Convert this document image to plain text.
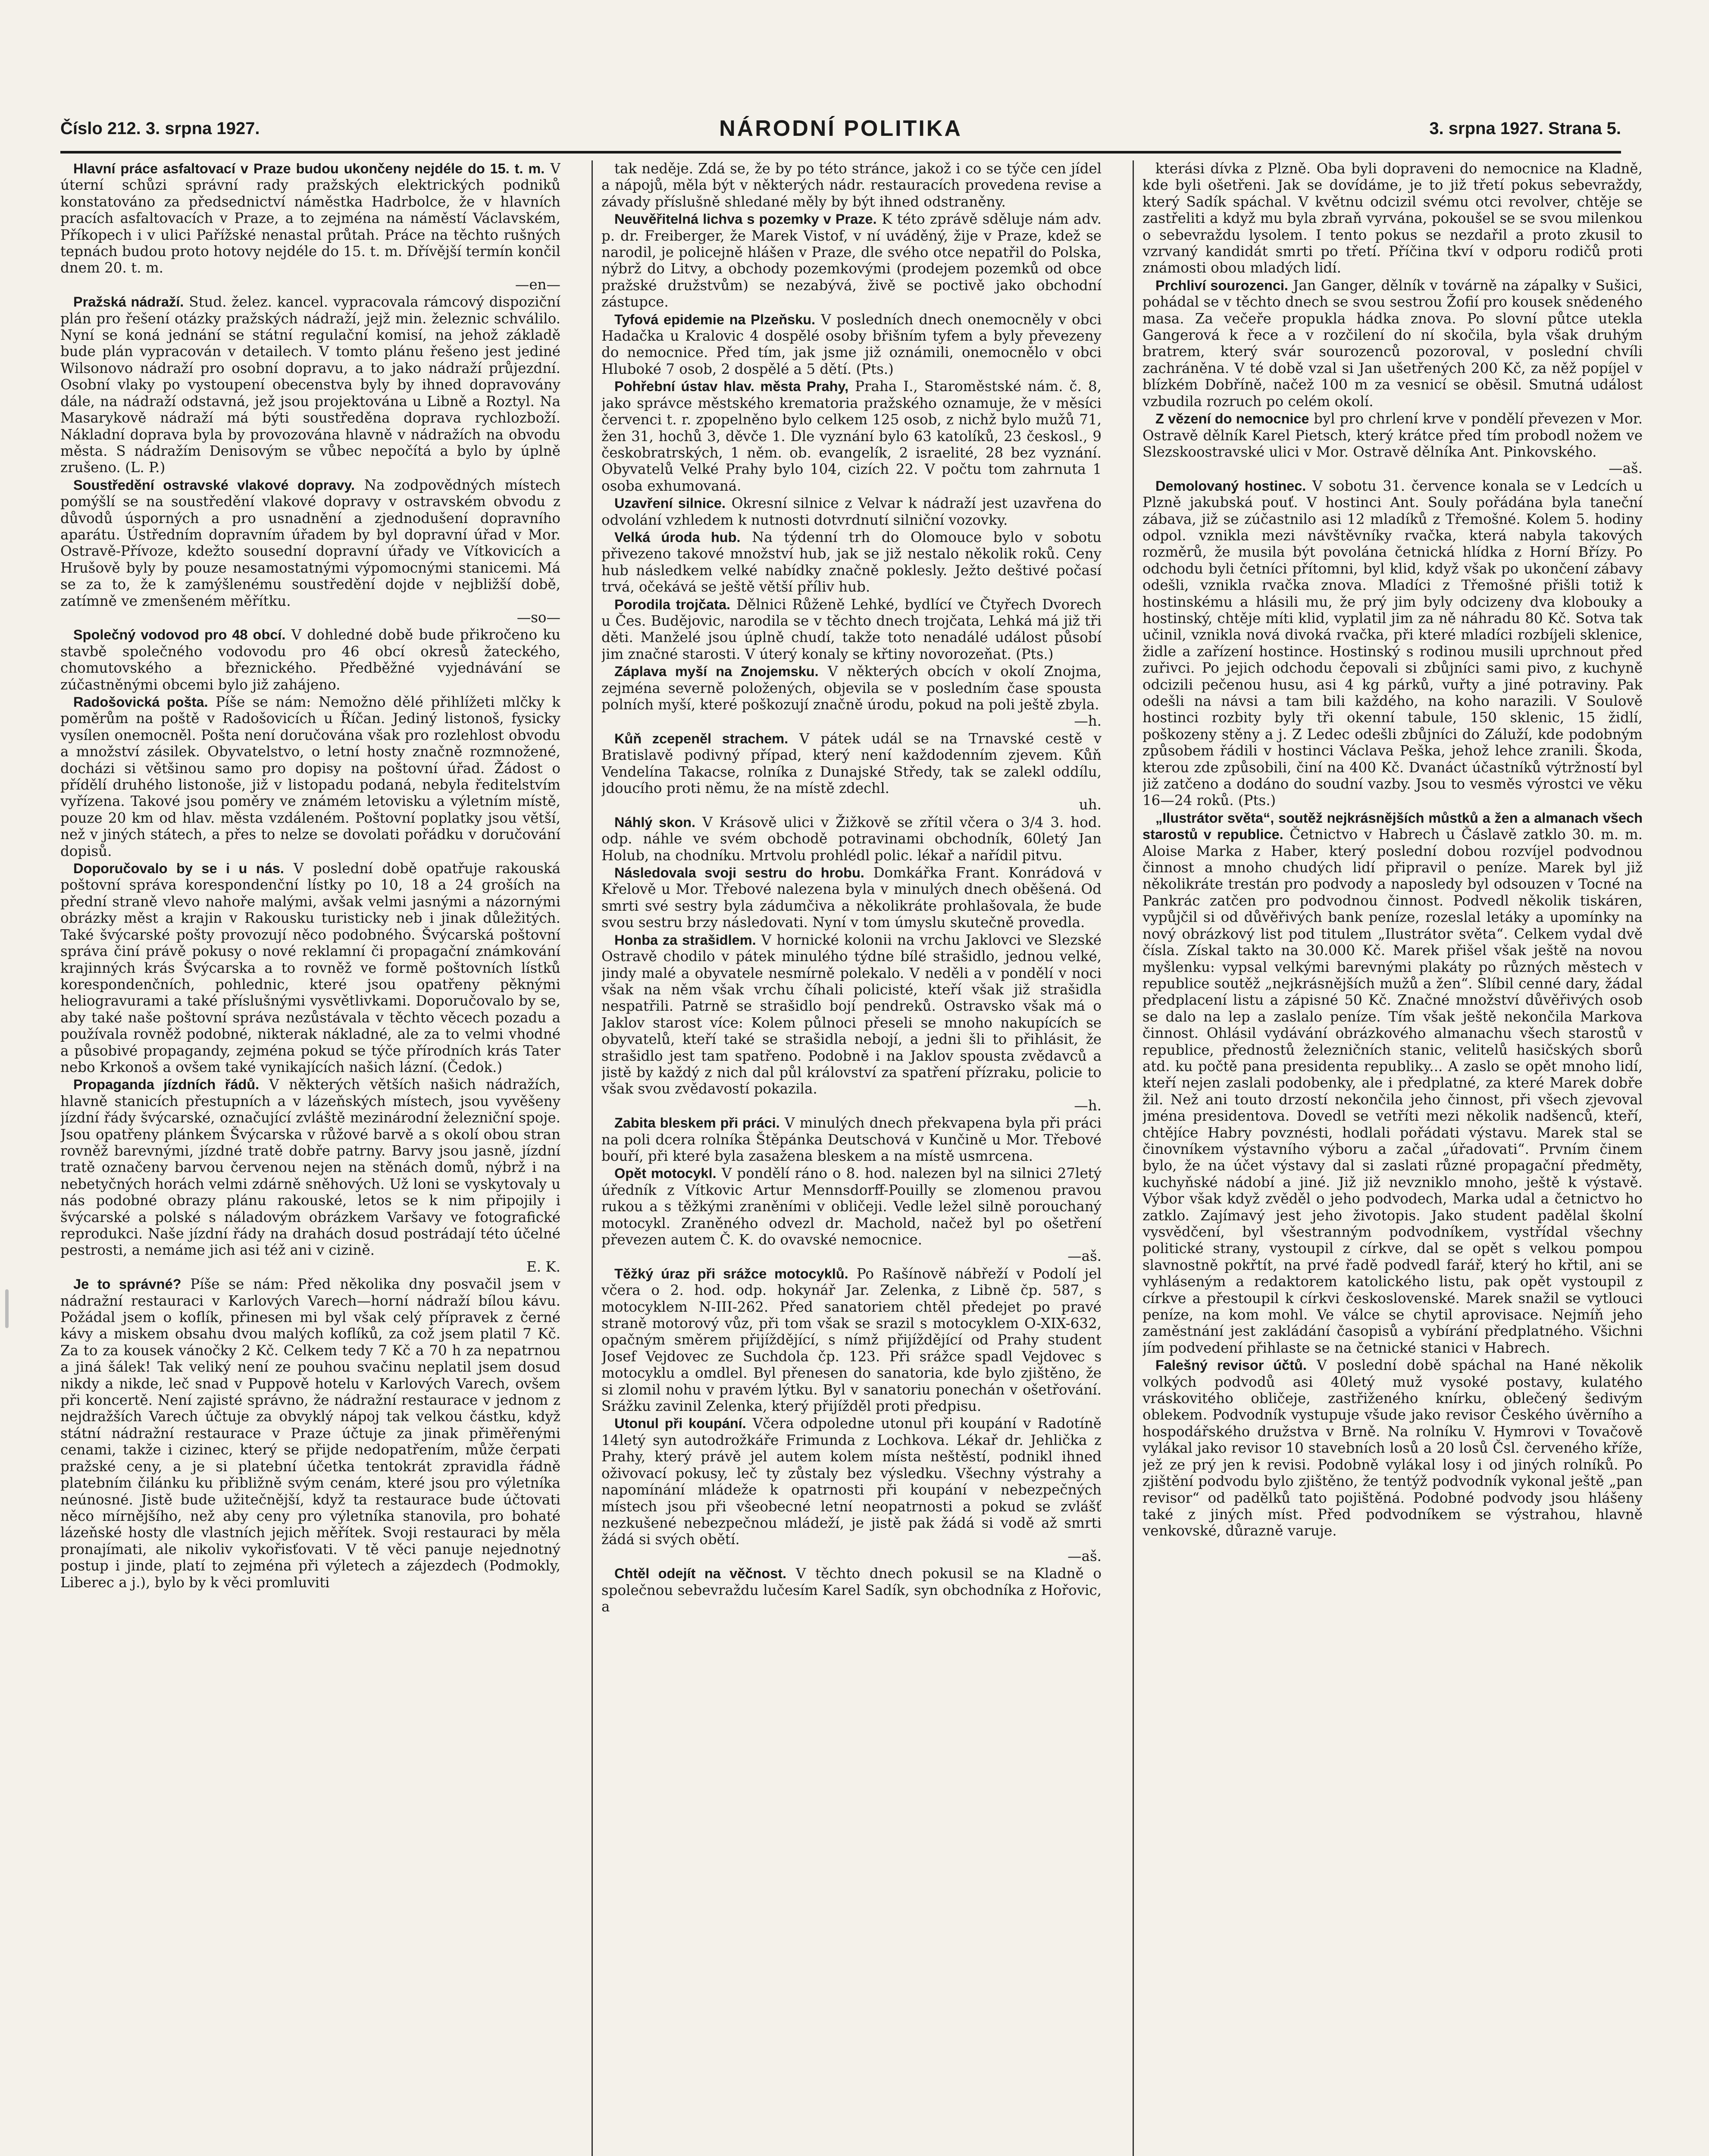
Číslo 212. 3. srpna 1927.	NÁRODNÍ POLITIKA	3. srpna 1927. Strana 5.

Hlavní práce asfaltovací v Praze budou ukončeny nejdéle do 15. t. m. V úterní schůzi správní rady pražských elektrických podniků konstatováno za předsednictví náměstka Hadrbolce, že v hlavních pracích asfaltovacích v Praze, a to zejména na náměstí Václavském, Příkopech i v ulici Pařížské nenastal průtah. Práce na těchto rušných tepnách budou proto hotovy nejdéle do 15. t. m. Dřívější termín končil dnem 20. t. m.
—en—

Pražská nádraží. Stud. želez. kancel. vypracovala rámcový dispoziční plán pro řešení otázky pražských nádraží, jejž min. železnic schválilo. Nyní se koná jednání se státní regulační komisí, na jehož základě bude plán vypracován v detailech. V tomto plánu řešeno jest jediné Wilsonovo nádraží pro osobní dopravu, a to jako nádraží průjezdní. Osobní vlaky po vystoupení obecenstva byly by ihned dopravovány dále, na nádraží odstavná, jež jsou projektována u Libně a Roztyl. Na Masarykově nádraží má býti soustředěna doprava rychlozboží. Nákladní doprava byla by provozována hlavně v nádražích na obvodu města. S nádražím Denisovým se vůbec nepočítá a bylo by úplně zrušeno. (L. P.)

Soustředění ostravské vlakové dopravy. Na zodpovědných místech pomýšlí se na soustředění vlakové dopravy v ostravském obvodu z důvodů úsporných a pro usnadnění a zjednodušení dopravního aparátu. Ústředním dopravním úřadem by byl dopravní úřad v Mor. Ostravě-Přívoze, kdežto sousední dopravní úřady ve Vítkovicích a Hrušově byly by pouze nesamostatnými výpomocnými stanicemi. Má se za to, že k zamýšlenému soustředění dojde v nejbližší době, zatímně ve zmenšeném měřítku.
—so—

Společný vodovod pro 48 obcí. V dohledné době bude přikročeno ku stavbě společného vodovodu pro 46 obcí okresů žateckého, chomutovského a březnického. Předběžné vyjednávání se zúčastněnými obcemi bylo již zahájeno.

Radošovická pošta. Píše se nám: Nemožno dělé přihlížeti mlčky k poměrům na poště v Radošovicích u Říčan. Jediný listonoš, fysicky vysílen onemocněl. Pošta není doručována však pro rozlehlost obvodu a množství zásilek. Obyvatelstvo, o letní hosty značně rozmnožené, docházi si většinou samo pro dopisy na poštovní úřad. Žádost o přídělí druhého listonoše, již v listopadu podaná, nebyla ředitelstvím vyřízena. Takové jsou poměry ve známém letovisku a výletním místě, pouze 20 km od hlav. města vzdáleném. Poštovní poplatky jsou větší, než v jiných státech, a přes to nelze se dovolati pořádku v doručování dopisů.

Doporučovalo by se i u nás. V poslední době opatřuje rakouská poštovní správa korespondenční lístky po 10, 18 a 24 groších na přední straně vlevo nahoře malými, avšak velmi jasnými a názornými obrázky měst a krajin v Rakousku turisticky neb i jinak důležitých. Také švýcarské pošty provozují něco podobného. Švýcarská poštovní správa činí právě pokusy o nové reklamní či propagační známkování krajinných krás Švýcarska a to rovněž ve formě poštovních lístků korespondenčních, pohlednic, které jsou opatřeny pěknými heliogravurami a také příslušnými vysvětlivkami. Doporučovalo by se, aby také naše poštovní správa nezůstávala v těchto věcech pozadu a používala rovněž podobné, nikterak nákladné, ale za to velmi vhodné a působivé propagandy, zejména pokud se týče přírodních krás Tater nebo Krkonoš a ovšem také vynikajících našich lázní. (Čedok.)

Propaganda jízdních řádů. V některých větších našich nádražích, hlavně stanicích přestupních a v lázeňských místech, jsou vyvěšeny jízdní řády švýcarské, označující zvláště mezinárodní železniční spoje. Jsou opatřeny plánkem Švýcarska v růžové barvě a s okolí obou stran rovněž barevnými, jízdné tratě dobře patrny. Barvy jsou jasně, jízdní tratě označeny barvou červenou nejen na stěnách domů, nýbrž i na nebetyčných horách velmi zdárně sněhových. Už loni se vyskytovaly u nás podobné obrazy plánu rakouské, letos se k nim připojily i švýcarské a polské s náladovým obrázkem Varšavy ve fotografické reprodukci. Naše jízdní řády na drahách dosud postrádají této účelné pestrosti, a nemáme jich asi též ani v cizině.
E. K.

Je to správné? Píše se nám: Před několika dny posvačil jsem v nádražní restauraci v Karlových Varech—horní nádraží bílou kávu. Požádal jsem o koflík, přinesen mi byl však celý přípravek z černé kávy a miskem obsahu dvou malých koflíků, za což jsem platil 7 Kč. Za to za kousek vánočky 2 Kč. Celkem tedy 7 Kč a 70 h za nepatrnou a jiná šálek! Tak veliký není ze pouhou svačinu neplatil jsem dosud nikdy a nikde, leč snad v Puppově hotelu v Karlových Varech, ovšem při koncertě. Není zajisté správno, že nádražní restaurace v jednom z nejdražších Varech účtuje za obvyklý nápoj tak velkou částku, když státní nádražní restaurace v Praze účtuje za jinak přiměřenými cenami, takže i cizinec, který se přijde nedopatřením, může čerpati pražské ceny, a je si platební účetka tentokrát zpravidla řádně platebním čilánku ku přibližně svým cenám, které jsou pro výletníka neúnosné. Jistě bude užitečnější, když ta restaurace bude účtovati něco mírnějšího, než aby ceny pro výletníka stanovila, pro bohaté lázeňské hosty dle vlastních jejich měřítek. Svoji restauraci by měla pronajímati, ale nikoliv vykořisťovati. V tě věci panuje nejednotný postup i jinde, platí to zejména při výletech a zájezdech (Podmokly, Liberec a j.), bylo by k věci promluviti

tak neděje. Zdá se, že by po této stránce, jakož i co se týče cen jídel a nápojů, měla být v některých nádr. restauracích provedena revise a závady příslušně shledané měly by být ihned odstraněny.

Neuvěřitelná lichva s pozemky v Praze. K této zprávě sděluje nám adv. p. dr. Freiberger, že Marek Vistof, v ní uváděný, žije v Praze, kdež se narodil, je policejně hlášen v Praze, dle svého otce nepatřil do Polska, nýbrž do Litvy, a obchody pozemkovými (prodejem pozemků od obce pražské družstvům) se nezabývá, živě se poctivě jako obchodní zástupce.

Tyfová epidemie na Plzeňsku. V posledních dnech onemocněly v obci Hadačka u Kralovic 4 dospělé osoby břišním tyfem a byly převezeny do nemocnice. Před tím, jak jsme již oznámili, onemocnělo v obci Hluboké 7 osob, 2 dospělé a 5 dětí. (Pts.)

Pohřební ústav hlav. města Prahy, Praha I., Staroměstské nám. č. 8, jako správce městského krematoria pražského oznamuje, že v měsíci červenci t. r. zpopelněno bylo celkem 125 osob, z nichž bylo mužů 71, žen 31, hochů 3, děvče 1. Dle vyznání bylo 63 katolíků, 23 českosl., 9 českobratrských, 1 něm. ob. evangelík, 2 israelité, 28 bez vyznání. Obyvatelů Velké Prahy bylo 104, cizích 22. V počtu tom zahrnuta 1 osoba exhumovaná.

Uzavření silnice. Okresní silnice z Velvar k nádraží jest uzavřena do odvolání vzhledem k nutnosti dotvrdnutí silniční vozovky.

Velká úroda hub. Na týdenní trh do Olomouce bylo v sobotu přivezeno takové množství hub, jak se již nestalo několik roků. Ceny hub následkem velké nabídky značně poklesly. Ježto deštivé počasí trvá, očekává se ještě větší příliv hub.

Porodila trojčata. Dělnici Růženě Lehké, bydlící ve Čtyřech Dvorech u Čes. Budějovic, narodila se v těchto dnech trojčata, Lehká má již tři děti. Manželé jsou úplně chudí, takže toto nenadálé událost působí jim značné starosti. V úterý konaly se křtiny novorozeňat. (Pts.)

Záplava myší na Znojemsku. V některých obcích v okolí Znojma, zejména severně položených, objevila se v posledním čase spousta polních myší, které poškozují značně úrodu, pokud na poli ještě zbyla.
—h.

Kůň zcepeněl strachem. V pátek udál se na Trnavské cestě v Bratislavě podivný případ, který není každodenním zjevem. Kůň Vendelína Takacse, rolníka z Dunajské Středy, tak se zalekl oddílu, jdoucího proti němu, že na místě zdechl.
uh.

Náhlý skon. V Krásově ulici v Žižkově se zřítil včera o 3/4 3. hod. odp. náhle ve svém obchodě potravinami obchodník, 60letý Jan Holub, na chodníku. Mrtvolu prohlédl polic. lékař a nařídil pitvu.

Následovala svoji sestru do hrobu. Domkářka Frant. Konrádová v Křelově u Mor. Třebové nalezena byla v minulých dnech oběšená. Od smrti své sestry byla zádumčiva a několikráte prohlašovala, že bude svou sestru brzy následovati. Nyní v tom úmyslu skutečně provedla.

Honba za strašidlem. V hornické kolonii na vrchu Jaklovci ve Slezské Ostravě chodilo v pátek minulého týdne bílé strašidlo, jednou velké, jindy malé a obyvatele nesmírně polekalo. V neděli a v pondělí v noci však na něm však vrchu číhali policisté, kteří však již strašidla nespatřili. Patrně se strašidlo bojí pendreků. Ostravsko však má o Jaklov starost více: Kolem půlnoci přeseli se mnoho nakupících se obyvatelů, kteří také se strašidla nebojí, a jedni šli to přihlásit, že strašidlo jest tam spatřeno. Podobně i na Jaklov spousta zvědavců a jistě by každý z nich dal půl království za spatření přízraku, policie to však svou zvědavostí pokazila.
—h.

Zabita bleskem při práci. V minulých dnech překvapena byla při práci na poli dcera rolníka Štěpánka Deutschová v Kunčině u Mor. Třebové bouří, při které byla zasažena bleskem a na místě usmrcena.

Opět motocykl. V pondělí ráno o 8. hod. nalezen byl na silnici 27letý úředník z Vítkovic Artur Mennsdorff-Pouilly se zlomenou pravou rukou a s těžkými zraněními v obličeji. Vedle ležel silně porouchaný motocykl. Zraněného odvezl dr. Machold, načež byl po ošetření převezen autem Č. K. do ovavské nemocnice.
—aš.

Těžký úraz při srážce motocyklů. Po Rašínově nábřeží v Podolí jel včera o 2. hod. odp. hokynář Jar. Zelenka, z Libně čp. 587, s motocyklem N-III-262. Před sanatoriem chtěl předejet po pravé straně motorový vůz, při tom však se srazil s motocyklem O-XIX-632, opačným směrem přijíždějící, s nímž přijíždějící od Prahy student Josef Vejdovec ze Suchdola čp. 123. Při srážce spadl Vejdovec s motocyklu a omdlel. Byl přenesen do sanatoria, kde bylo zjištěno, že si zlomil nohu v pravém lýtku. Byl v sanatoriu ponechán v ošetřování. Srážku zavinil Zelenka, který přijížděl proti předpisu.

Utonul při koupání. Včera odpoledne utonul při koupání v Radotíně 14letý syn autodrožkáře Frimunda z Lochkova. Lékař dr. Jehlička z Prahy, který právě jel autem kolem místa neštěstí, podnikl ihned oživovací pokusy, leč ty zůstaly bez výsledku. Všechny výstrahy a napomínání mládeže k opatrnosti při koupání v nebezpečných místech jsou při všeobecné letní neopatrnosti a pokud se zvlášť nezkušené nebezpečnou mládeží, je jistě pak žádá si vodě až smrti žádá si svých obětí.
—aš.

Chtěl odejít na věčnost. V těchto dnech pokusil se na Kladně o společnou sebevraždu lučesím Karel Sadík, syn obchodníka z Hořovic, a

kterási dívka z Plzně. Oba byli dopraveni do nemocnice na Kladně, kde byli ošetřeni. Jak se dovídáme, je to již třetí pokus sebevraždy, který Sadík spáchal. V květnu odcizil svému otci revolver, chtěje se zastřeliti a když mu byla zbraň vyrvána, pokoušel se se svou milenkou o sebevraždu lysolem. I tento pokus se nezdařil a proto zkusil to vzrvaný kandidát smrti po třetí. Příčina tkví v odporu rodičů proti známosti obou mladých lidí.

Prchliví sourozenci. Jan Ganger, dělník v továrně na zápalky v Sušici, pohádal se v těchto dnech se svou sestrou Žofií pro kousek snědeného masa. Za večeře propukla hádka znova. Po slovní půtce utekla Gangerová k řece a v rozčilení do ní skočila, byla však druhým bratrem, který svár sourozenců pozoroval, v poslední chvíli zachráněna. V té době vzal si Jan ušetřených 200 Kč, za něž popíjel v blízkém Dobříně, načež 100 m za vesnicí se oběsil. Smutná událost vzbudila rozruch po celém okolí.

Z vězení do nemocnice byl pro chrlení krve v pondělí převezen v Mor. Ostravě dělník Karel Pietsch, který krátce před tím probodl nožem ve Slezskoostravské ulici v Mor. Ostravě dělníka Ant. Pinkovského.
—aš.

Demolovaný hostinec. V sobotu 31. července konala se v Ledcích u Plzně jakubská pouť. V hostinci Ant. Souly pořádána byla taneční zábava, již se zúčastnilo asi 12 mladíků z Třemošné. Kolem 5. hodiny odpol. vznikla mezi návštěvníky rvačka, která nabyla takových rozměrů, že musila být povolána četnická hlídka z Horní Břízy. Po odchodu byli četníci přítomni, byl klid, když však po ukončení zábavy odešli, vznikla rvačka znova. Mladíci z Třemošné přišli totiž k hostinskému a hlásili mu, že prý jim byly odcizeny dva klobouky a hostinský, chtěje míti klid, vyplatil jim za ně náhradu 80 Kč. Sotva tak učinil, vznikla nová divoká rvačka, při které mladíci rozbíjeli sklenice, židle a zařízení hostince. Hostinský s rodinou musili uprchnout před zuřivci. Po jejich odchodu čepovali si zbůjníci sami pivo, z kuchyně odcizili pečenou husu, asi 4 kg párků, vuřty a jiné potraviny. Pak odešli na návsi a tam bili každého, na koho narazili. V Soulově hostinci rozbity byly tři okenní tabule, 150 sklenic, 15 židlí, poškozeny stěny a j. Z Ledec odešli zbůjníci do Záluží, kde podobným způsobem řádili v hostinci Václava Peška, jehož lehce zranili. Škoda, kterou zde způsobili, činí na 400 Kč. Dvanáct účastníků výtržností byl již zatčeno a dodáno do soudní vazby. Jsou to vesměs výrostci ve věku 16—24 roků. (Pts.)

„Ilustrátor světa“, soutěž nejkrásnějších můstků a žen a almanach všech starostů v republice. Četnictvo v Habrech u Čáslavě zatklo 30. m. m. Aloise Marka z Haber, který poslední dobou rozvíjel podvodnou činnost a mnoho chudých lidí připravil o peníze. Marek byl již několikráte trestán pro podvody a naposledy byl odsouzen v Tocné na Pankrác zatčen pro podvodnou činnost. Podvedl několik tiskáren, vypůjčil si od důvěřivých bank peníze, rozeslal letáky a upomínky na nový obrázkový list pod titulem „Ilustrátor světa“. Celkem vydal dvě čísla. Získal takto na 30.000 Kč. Marek přišel však ještě na novou myšlenku: vypsal velkými barevnými plakáty po různých městech v republice soutěž „nejkrásnějších mužů a žen“. Slíbil cenné dary, žádal předplacení listu a zápisné 50 Kč. Značné množství důvěřivých osob se dalo na lep a zaslalo peníze. Tím však ještě nekončila Markova činnost. Ohlásil vydávání obrázkového almanachu všech starostů v republice, přednostů železničních stanic, velitelů hasičských sborů atd. ku počtě pana presidenta republiky... A zaslo se opět mnoho lidí, kteří nejen zaslali podobenky, ale i předplatné, za které Marek dobře žil. Než ani touto drzostí nekončila jeho činnost, při všech zjevoval jména presidentova. Dovedl se vetříti mezi několik nadšenců, kteří, chtějíce Habry povznésti, hodlali pořádati výstavu. Marek stal se činovníkem výstavního výboru a začal „úřadovati“. Prvním činem bylo, že na účet výstavy dal si zaslati různé propagační předměty, kuchyňské nádobí a jiné. Již již nevzniklo mnoho, ještě k výstavě. Výbor však když zvěděl o jeho podvodech, Marka udal a četnictvo ho zatklo. Zajímavý jest jeho životopis. Jako student padělal školní vysvědčení, byl všestranným podvodníkem, vystřídal všechny politické strany, vystoupil z církve, dal se opět s velkou pompou slavnostně pokřtít, na prvé řadě podvedl farář, který ho křtil, ani se vyhláseným a redaktorem katolického listu, pak opět vystoupil z církve a přestoupil k církvi československé. Marek snažil se vytlouci peníze, na kom mohl. Ve válce se chytil aprovisace. Nejmíň jeho zaměstnání jest zakládání časopisů a vybírání předplatného. Všichni jím podvedení přihlaste se na četnické stanici v Habrech.

Falešný revisor účtů. V poslední době spáchal na Hané několik volkých podvodů asi 40letý muž vysoké postavy, kulatého vráskovitého obličeje, zastřiženého knírku, oblečený šedivým oblekem. Podvodník vystupuje všude jako revisor Českého úvěrního a hospodářského družstva v Brně. Na rolníku V. Hymrovi v Tovačově vylákal jako revisor 10 stavebních losů a 20 losů Čsl. červeného kříže, jež ze prý jen k revisi. Podobně vylákal losy i od jiných rolníků. Po zjištění podvodu bylo zjištěno, že tentýž podvodník vykonal ještě „pan revisor“ od padělků tato pojištěná. Podobné podvody jsou hlášeny také z jiných míst. Před podvodníkem se výstrahou, hlavně venkovské, důrazně varuje.
